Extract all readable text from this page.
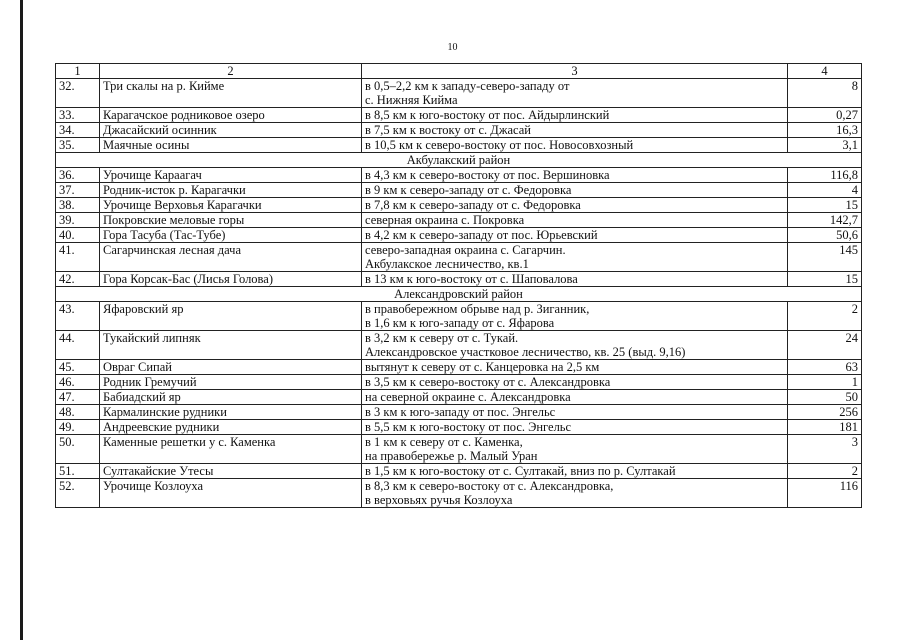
10
1	2	3	4
32.	Три скалы на р. Кийме	в 0,5–2,2 км к западу-северо-западу от
с. Нижняя Кийма	8
33.	Карагачское родниковое озеро	в 8,5 км к юго-востоку от пос. Айдырлинский	0,27
34.	Джасайский осинник	в 7,5 км к востоку от с. Джасай	16,3
35.	Маячные осины	в 10,5 км к северо-востоку от пос. Новосовхозный	3,1
Акбулакский район			
36.	Урочище Караагач	в 4,3 км к северо-востоку от пос. Вершиновка	116,8
37.	Родник-исток р. Карагачки	в 9 км к северо-западу от с. Федоровка	4
38.	Урочище Верховья Карагачки	в 7,8 км к северо-западу от с. Федоровка	15
39.	Покровские меловые горы	северная окраина с. Покровка	142,7
40.	Гора Тасуба (Тас-Тубе)	в 4,2 км к северо-западу от пос. Юрьевский	50,6
41.	Сагарчинская лесная дача	северо-западная окраина с. Сагарчин.
Акбулакское лесничество, кв.1	145
42.	Гора Корсак-Бас (Лисья Голова)	в 13 км к юго-востоку от с. Шаповалова	15
Александровский район			
43.	Яфаровский яр	в правобережном обрыве над р. Зиганник,
в 1,6 км к юго-западу от с. Яфарова	2
44.	Тукайский липняк	в 3,2 км к северу от с. Тукай.
Александровское участковое лесничество, кв. 25 (выд. 9,16)	24
45.	Овраг Сипай	вытянут к северу от с. Канцеровка на 2,5 км	63
46.	Родник Гремучий	в 3,5 км к северо-востоку от с. Александровка	1
47.	Бабиадский яр	на северной окраине с. Александровка	50
48.	Кармалинские рудники	в 3 км к юго-западу от пос. Энгельс	256
49.	Андреевские рудники	в 5,5 км к юго-востоку от пос. Энгельс	181
50.	Каменные решетки у с. Каменка	в 1 км к северу от с. Каменка,
на правобережье р. Малый Уран	3
51.	Султакайские Утесы	в 1,5 км к юго-востоку от с. Султакай, вниз по р. Султакай	2
52.	Урочище Козлоуха	в 8,3 км к северо-востоку от с. Александровка,
в верховьях ручья Козлоуха	116
